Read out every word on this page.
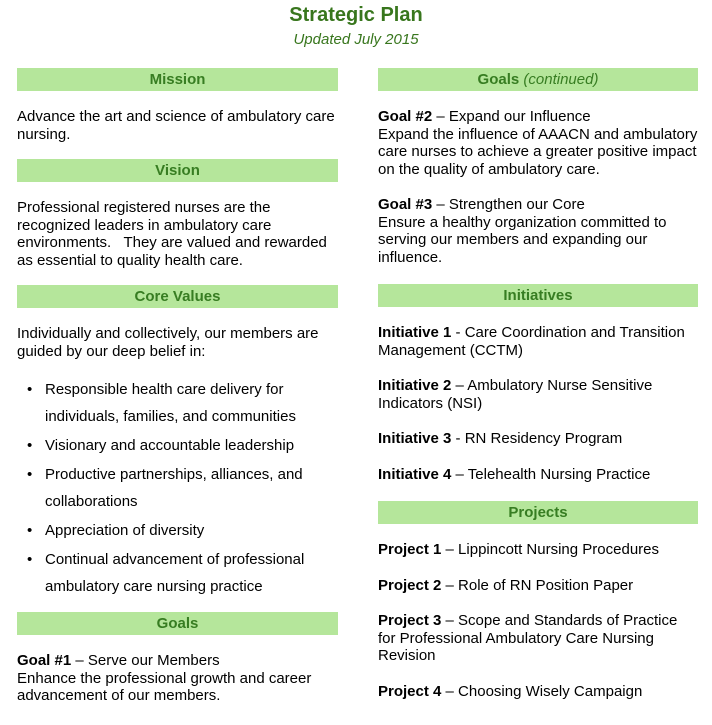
Strategic Plan
Updated July 2015
Mission

Advance the art and science of ambulatory care nursing.

Vision

Professional registered nurses are the recognized leaders in ambulatory care environments.   They are valued and rewarded as essential to quality health care.

Core Values

Individually and collectively, our members are guided by our deep belief in:

• Responsible health care delivery for individuals, families, and communities
• Visionary and accountable leadership
• Productive partnerships, alliances, and collaborations
• Appreciation of diversity
• Continual advancement of professional ambulatory care nursing practice
Goals
Goal #1 – Serve our Members
Enhance the professional growth and career advancement of our members.
Goals (continued)
Goal #2 – Expand our Influence
Expand the influence of AAACN and ambulatory care nurses to achieve a greater positive impact on the quality of ambulatory care.
Goal #3 – Strengthen our Core
Ensure a healthy organization committed to serving our members and expanding our influence.
Initiatives
Initiative 1 - Care Coordination and Transition Management (CCTM)
Initiative 2 – Ambulatory Nurse Sensitive Indicators (NSI)
Initiative 3 - RN Residency Program
Initiative 4 – Telehealth Nursing Practice
Projects
Project 1 – Lippincott Nursing Procedures
Project 2 – Role of RN Position Paper
Project 3 – Scope and Standards of Practice for Professional Ambulatory Care Nursing Revision
Project 4 – Choosing Wisely Campaign
